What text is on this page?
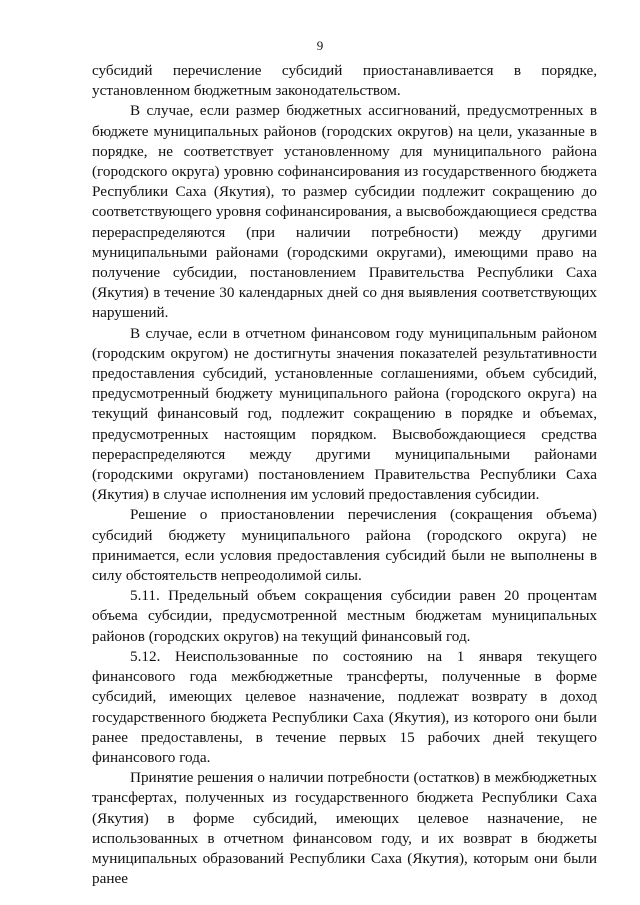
9

субсидий перечисление субсидий приостанавливается в порядке, установленном бюджетным законодательством.

В случае, если размер бюджетных ассигнований, предусмотренных в бюджете муниципальных районов (городских округов) на цели, указанные в порядке, не соответствует установленному для муниципального района (городского округа) уровню софинансирования из государственного бюджета Республики Саха (Якутия), то размер субсидии подлежит сокращению до соответствующего уровня софинансирования, а высвобождающиеся средства перераспределяются (при наличии потребности) между другими муниципальными районами (городскими округами), имеющими право на получение субсидии, постановлением Правительства Республики Саха (Якутия) в течение 30 календарных дней со дня выявления соответствующих нарушений.

В случае, если в отчетном финансовом году муниципальным районом (городским округом) не достигнуты значения показателей результативности предоставления субсидий, установленные соглашениями, объем субсидий, предусмотренный бюджету муниципального района (городского округа) на текущий финансовый год, подлежит сокращению в порядке и объемах, предусмотренных настоящим порядком. Высвобождающиеся средства перераспределяются между другими муниципальными районами (городскими округами) постановлением Правительства Республики Саха (Якутия) в случае исполнения им условий предоставления субсидии.

Решение о приостановлении перечисления (сокращения объема) субсидий бюджету муниципального района (городского округа) не принимается, если условия предоставления субсидий были не выполнены в силу обстоятельств непреодолимой силы.

5.11. Предельный объем сокращения субсидии равен 20 процентам объема субсидии, предусмотренной местным бюджетам муниципальных районов (городских округов) на текущий финансовый год.

5.12. Неиспользованные по состоянию на 1 января текущего финансового года межбюджетные трансферты, полученные в форме субсидий, имеющих целевое назначение, подлежат возврату в доход государственного бюджета Республики Саха (Якутия), из которого они были ранее предоставлены, в течение первых 15 рабочих дней текущего финансового года.

Принятие решения о наличии потребности (остатков) в межбюджетных трансфертах, полученных из государственного бюджета Республики Саха (Якутия) в форме субсидий, имеющих целевое назначение, не использованных в отчетном финансовом году, и их возврат в бюджеты муниципальных образований Республики Саха (Якутия), которым они были ранее
